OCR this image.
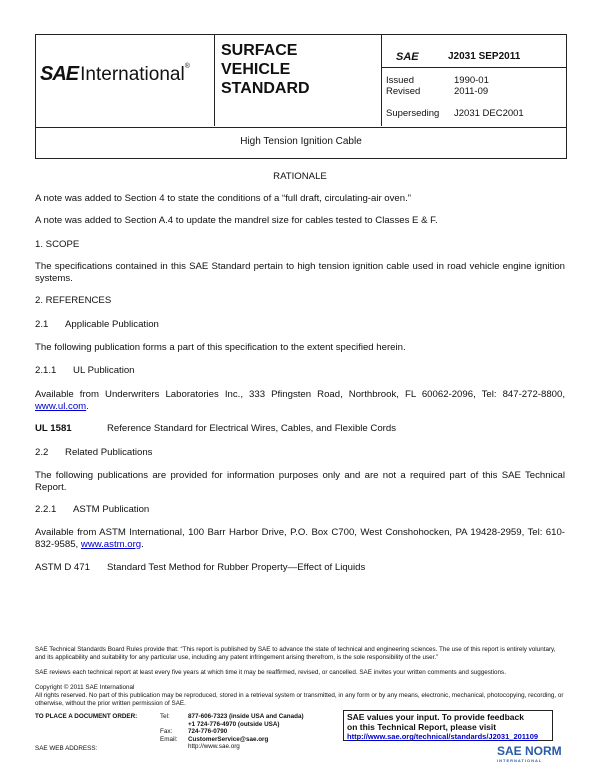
SAE International®
SURFACE
VEHICLE
STANDARD
SAE	J2031 SEP2011
Issued	1990-01
Revised	2011-09
Superseding J2031 DEC2001
High Tension Ignition Cable
RATIONALE
A note was added to Section 4 to state the conditions of a “full draft, circulating-air oven.”
A note was added to Section A.4 to update the mandrel size for cables tested to Classes E & F.
1. SCOPE
The specifications contained in this SAE Standard pertain to high tension ignition cable used in road vehicle engine ignition systems.
2. REFERENCES
2.1 Applicable Publication
The following publication forms a part of this specification to the extent specified herein.
2.1.1 UL Publication
Available from Underwriters Laboratories Inc., 333 Pfingsten Road, Northbrook, FL 60062-2096, Tel: 847-272-8800, www.ul.com.
UL 1581	Reference Standard for Electrical Wires, Cables, and Flexible Cords
2.2 Related Publications
The following publications are provided for information purposes only and are not a required part of this SAE Technical Report.
2.2.1 ASTM Publication
Available from ASTM International, 100 Barr Harbor Drive, P.O. Box C700, West Conshohocken, PA 19428-2959, Tel: 610-832-9585, www.astm.org.
ASTM D 471 Standard Test Method for Rubber Property—Effect of Liquids
SAE Technical Standards Board Rules provide that: “This report is published by SAE to advance the state of technical and engineering sciences. The use of this report is entirely voluntary, and its applicability and suitability for any particular use, including any patent infringement arising therefrom, is the sole responsibility of the user.”
SAE reviews each technical report at least every five years at which time it may be reaffirmed, revised, or cancelled. SAE invites your written comments and suggestions.
Copyright © 2011 SAE International
All rights reserved. No part of this publication may be reproduced, stored in a retrieval system or transmitted, in any form or by any means, electronic, mechanical, photocopying, recording, or otherwise, without the prior written permission of SAE.
TO PLACE A DOCUMENT ORDER:	Tel:	877-606-7323 (inside USA and Canada)
+1 724-776-4970 (outside USA)
Fax:	724-776-0790
Email: CustomerService@sae.org
http://www.sae.org
SAE WEB ADDRESS:
SAE values your input. To provide feedback
on this Technical Report, please visit
http://www.sae.org/technical/standards/J2031_201109
SAE NORM
INTERNATIONAL
